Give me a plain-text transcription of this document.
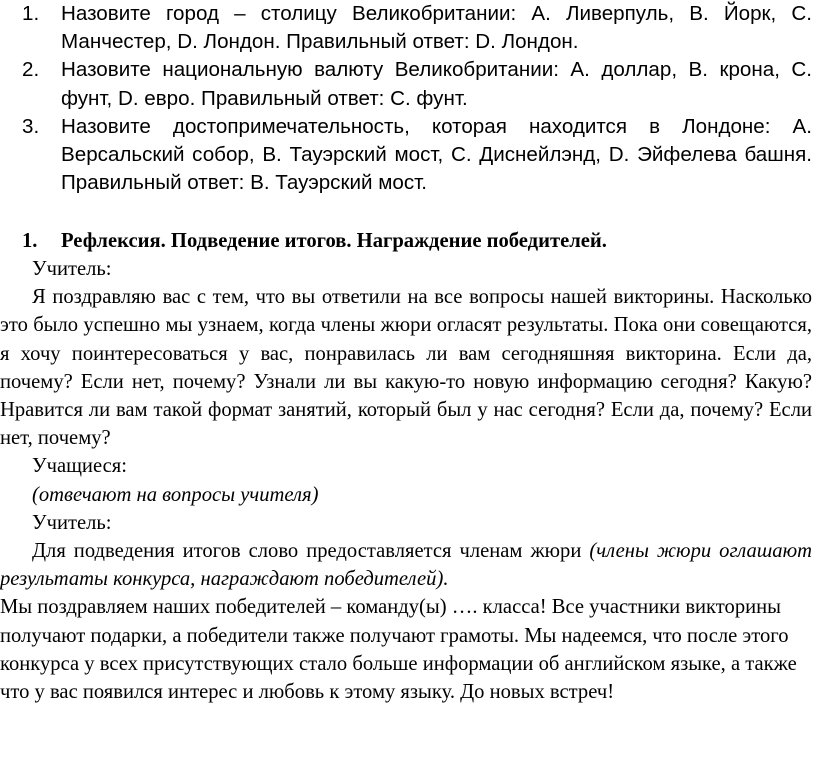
1. Назовите город – столицу Великобритании: A. Ливерпуль, B. Йорк, C. Манчестер, D. Лондон. Правильный ответ: D. Лондон.
2. Назовите национальную валюту Великобритании: A. доллар, B. крона, C. фунт, D. евро. Правильный ответ: C. фунт.
3. Назовите достопримечательность, которая находится в Лондоне: A. Версальский собор, B. Тауэрский мост, C. Диснейлэнд, D. Эйфелева башня. Правильный ответ: B. Тауэрский мост.
1. Рефлексия. Подведение итогов. Награждение победителей.

Учитель:

Я поздравляю вас с тем, что вы ответили на все вопросы нашей викторины. Насколько это было успешно мы узнаем, когда члены жюри огласят результаты. Пока они совещаются, я хочу поинтересоваться у вас, понравилась ли вам сегодняшняя викторина. Если да, почему? Если нет, почему? Узнали ли вы какую-то новую информацию сегодня? Какую? Нравится ли вам такой формат занятий, который был у нас сегодня? Если да, почему? Если нет, почему?

Учащиеся:

(отвечают на вопросы учителя)

Учитель:

Для подведения итогов слово предоставляется членам жюри (члены жюри оглашают результаты конкурса, награждают победителей).

Мы поздравляем наших победителей – команду(ы) …. класса! Все участники викторины получают подарки, а победители также получают грамоты. Мы надеемся, что после этого конкурса у всех присутствующих стало больше информации об английском языке, а также что у вас появился интерес и любовь к этому языку. До новых встреч!
